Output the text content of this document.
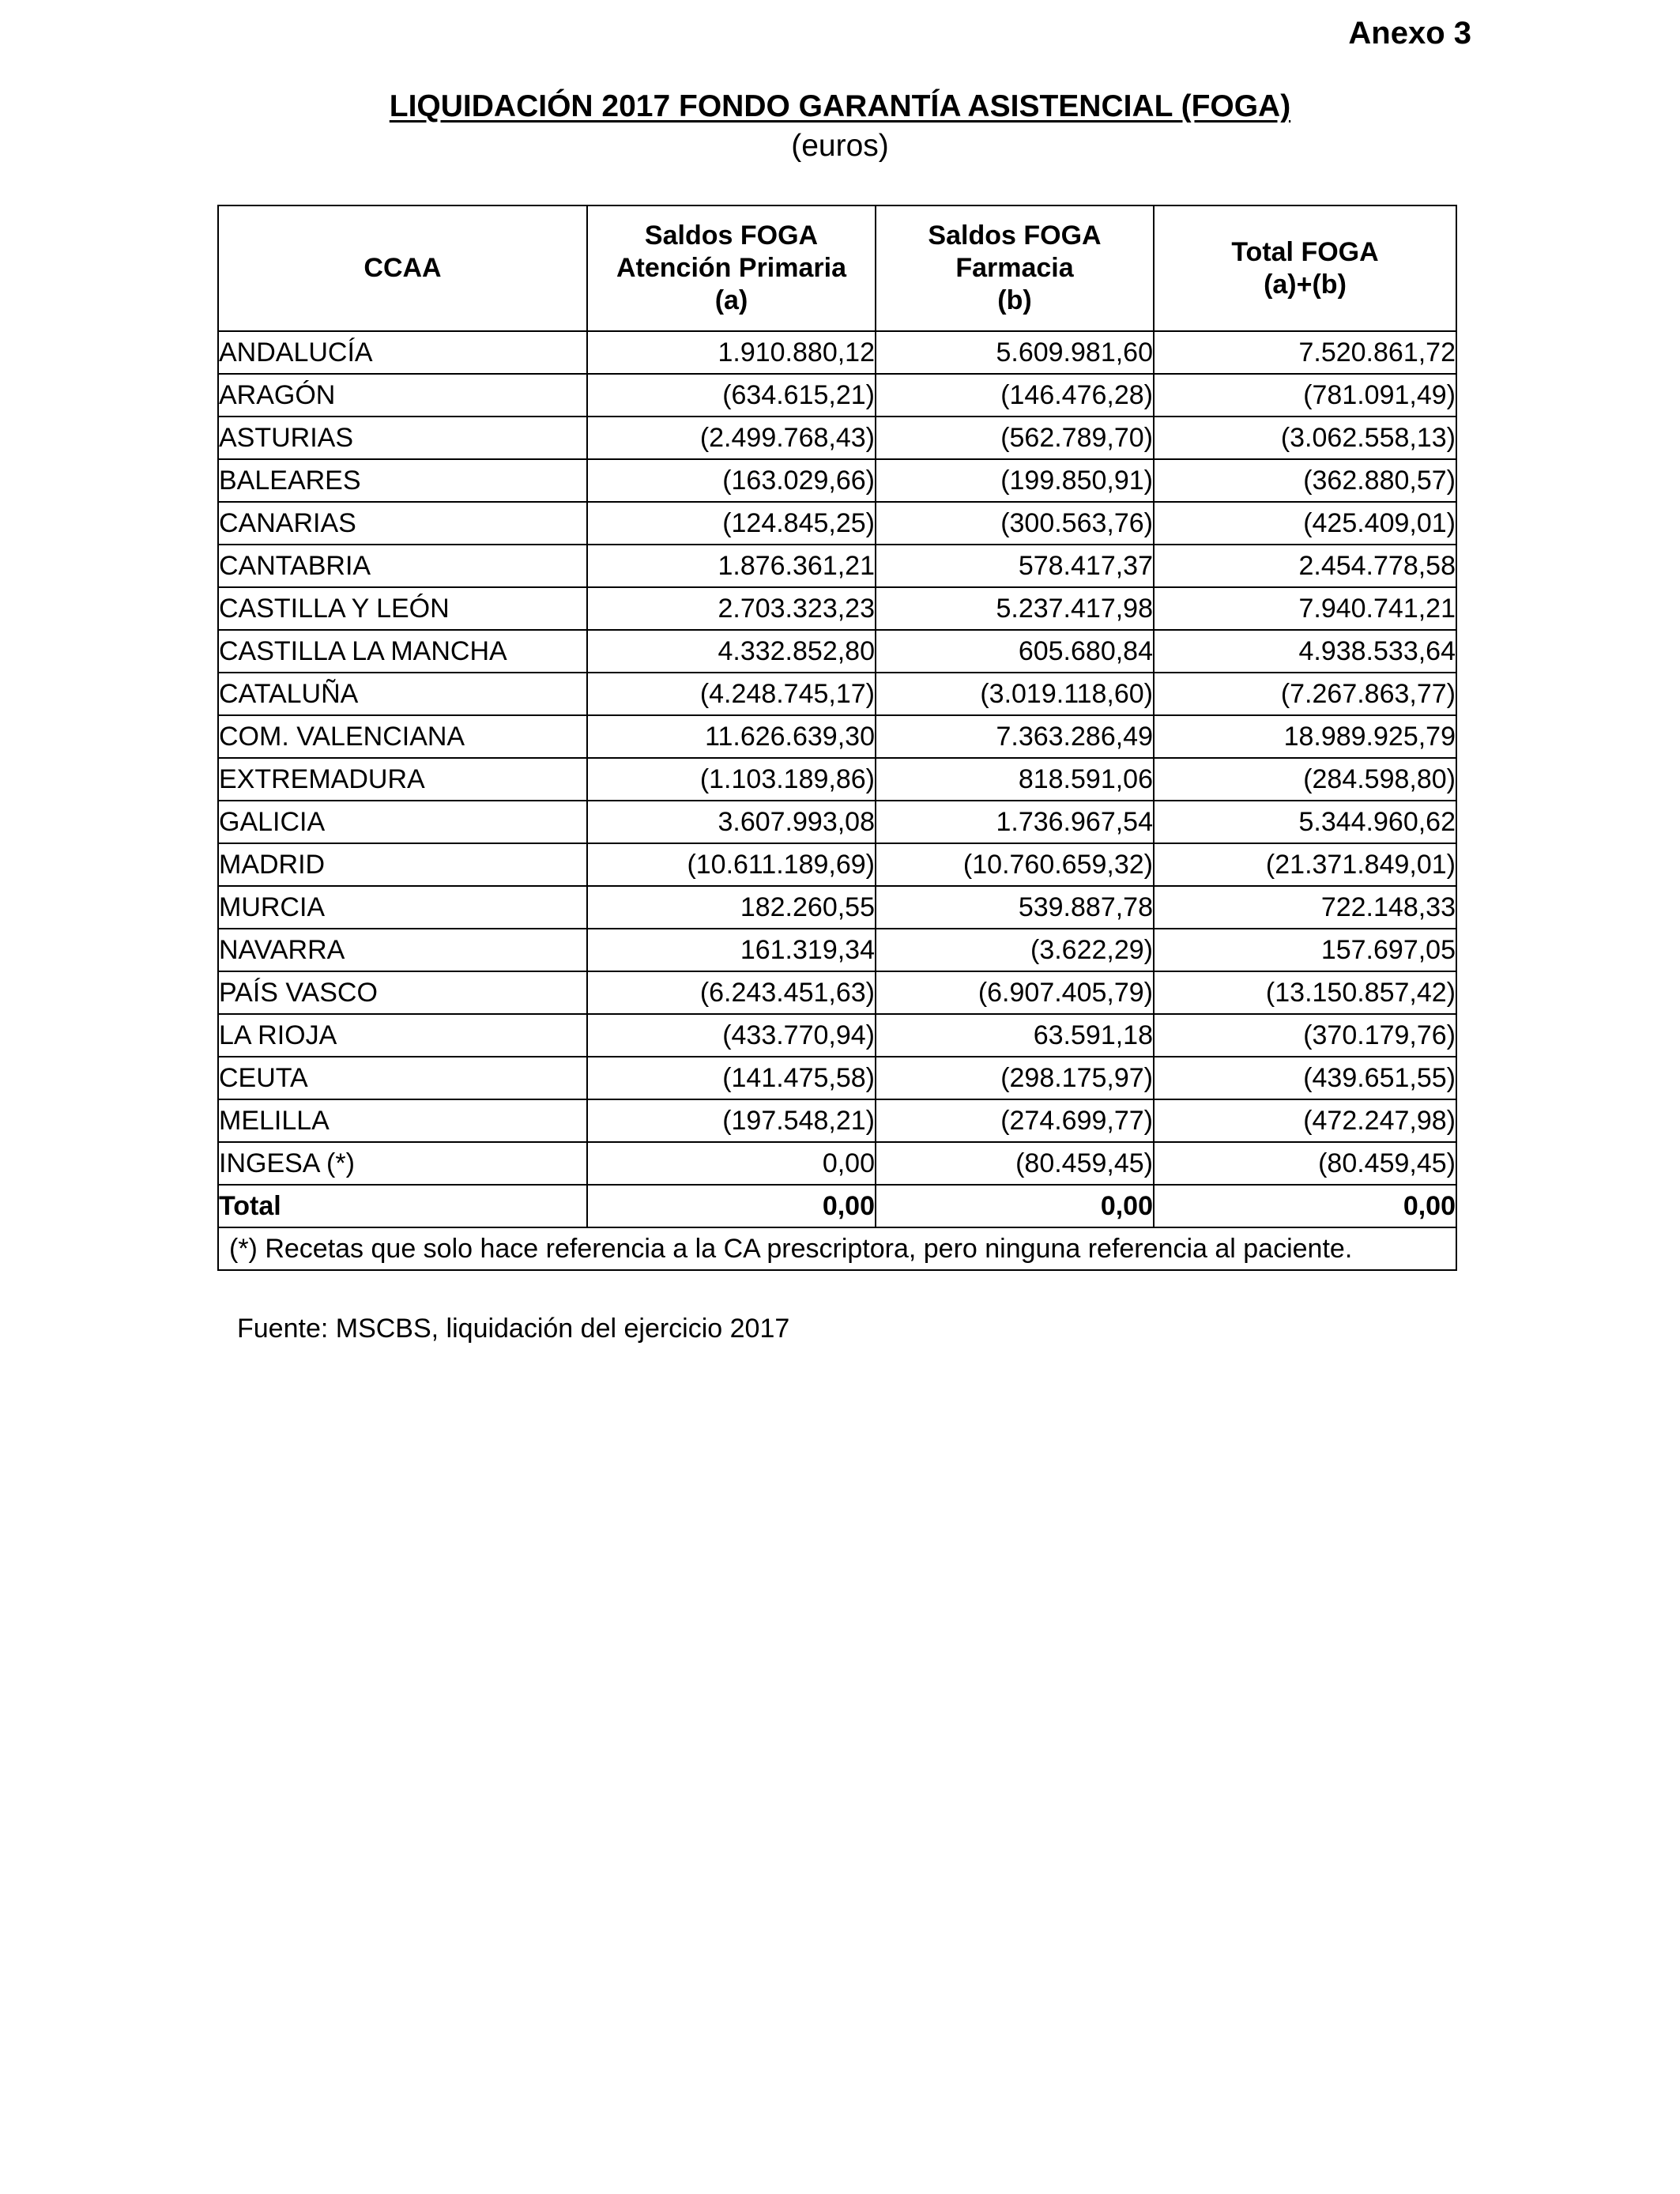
Anexo 3
LIQUIDACIÓN 2017 FONDO GARANTÍA ASISTENCIAL (FOGA)
(euros)
CCAA	Saldos FOGA
Atención Primaria
(a)	Saldos FOGA
Farmacia
(b)	Total FOGA
(a)+(b)

ANDALUCÍA	1.910.880,12	5.609.981,60	7.520.861,72
ARAGÓN	(634.615,21)	(146.476,28)	(781.091,49)
ASTURIAS	(2.499.768,43)	(562.789,70)	(3.062.558,13)
BALEARES	(163.029,66)	(199.850,91)	(362.880,57)
CANARIAS	(124.845,25)	(300.563,76)	(425.409,01)
CANTABRIA	1.876.361,21	578.417,37	2.454.778,58
CASTILLA Y LEÓN	2.703.323,23	5.237.417,98	7.940.741,21
CASTILLA LA MANCHA	4.332.852,80	605.680,84	4.938.533,64
CATALUÑA	(4.248.745,17)	(3.019.118,60)	(7.267.863,77)
COM. VALENCIANA	11.626.639,30	7.363.286,49	18.989.925,79
EXTREMADURA	(1.103.189,86)	818.591,06	(284.598,80)
GALICIA	3.607.993,08	1.736.967,54	5.344.960,62
MADRID	(10.611.189,69)	(10.760.659,32)	(21.371.849,01)
MURCIA	182.260,55	539.887,78	722.148,33
NAVARRA	161.319,34	(3.622,29)	157.697,05
PAÍS VASCO	(6.243.451,63)	(6.907.405,79)	(13.150.857,42)
LA RIOJA	(433.770,94)	63.591,18	(370.179,76)
CEUTA	(141.475,58)	(298.175,97)	(439.651,55)
MELILLA	(197.548,21)	(274.699,77)	(472.247,98)
INGESA (*)	0,00	(80.459,45)	(80.459,45)
Total	0,00	0,00	0,00
(*) Recetas que solo hace referencia a la CA prescriptora, pero ninguna referencia al paciente.			
Fuente: MSCBS, liquidación del ejercicio 2017
